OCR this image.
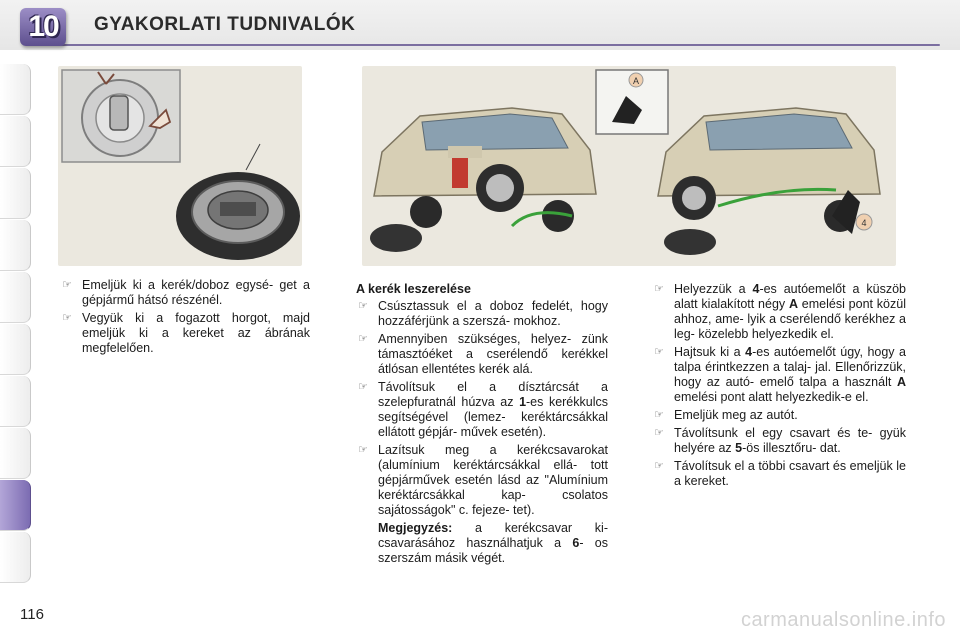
10	GYAKORLATI TUDNIVALÓK
A
4
☞ Emeljük ki a kerék/doboz egysé- get a gépjármű hátsó részénél.
☞ Vegyük ki a fogazott horgot, majd emeljük ki a kereket az ábrának megfelelően.
A kerék leszerelése
☞ Csúsztassuk el a doboz fedelét, hogy hozzáférjünk a szerszá- mokhoz.
☞ Amennyiben szükséges, helyez- zünk támasztóéket a cserélendő kerékkel átlósan ellentétes kerék alá.
☞ Távolítsuk el a dísztárcsát a szelepfuratnál húzva az 1-es kerékkulcs segítségével (lemez- keréktárcsákkal ellátott gépjár- művek esetén).
☞ Lazítsuk meg a kerékcsavarokat (alumínium keréktárcsákkal ellá- tott gépjárművek esetén lásd az "Alumínium keréktárcsákkal kap- csolatos sajátosságok" c. fejeze- tet).
Megjegyzés: a kerékcsavar ki- csavarásához használhatjuk a 6- os szerszám másik végét.
☞ Helyezzük a 4-es autóemelőt a küszöb alatt kialakított négy A emelési pont közül ahhoz, ame- lyik a cserélendő kerékhez a leg- közelebb helyezkedik el.
☞ Hajtsuk ki a 4-es autóemelőt úgy, hogy a talpa érintkezzen a talaj- jal. Ellenőrizzük, hogy az autó- emelő talpa a használt A emelési pont alatt helyezkedik-e el.
☞ Emeljük meg az autót.
☞ Távolítsunk el egy csavart és te- gyük helyére az 5-ös illesztőru- dat.
☞ Távolítsuk el a többi csavart és emeljük le a kereket.
116	carmanualsonline.info
